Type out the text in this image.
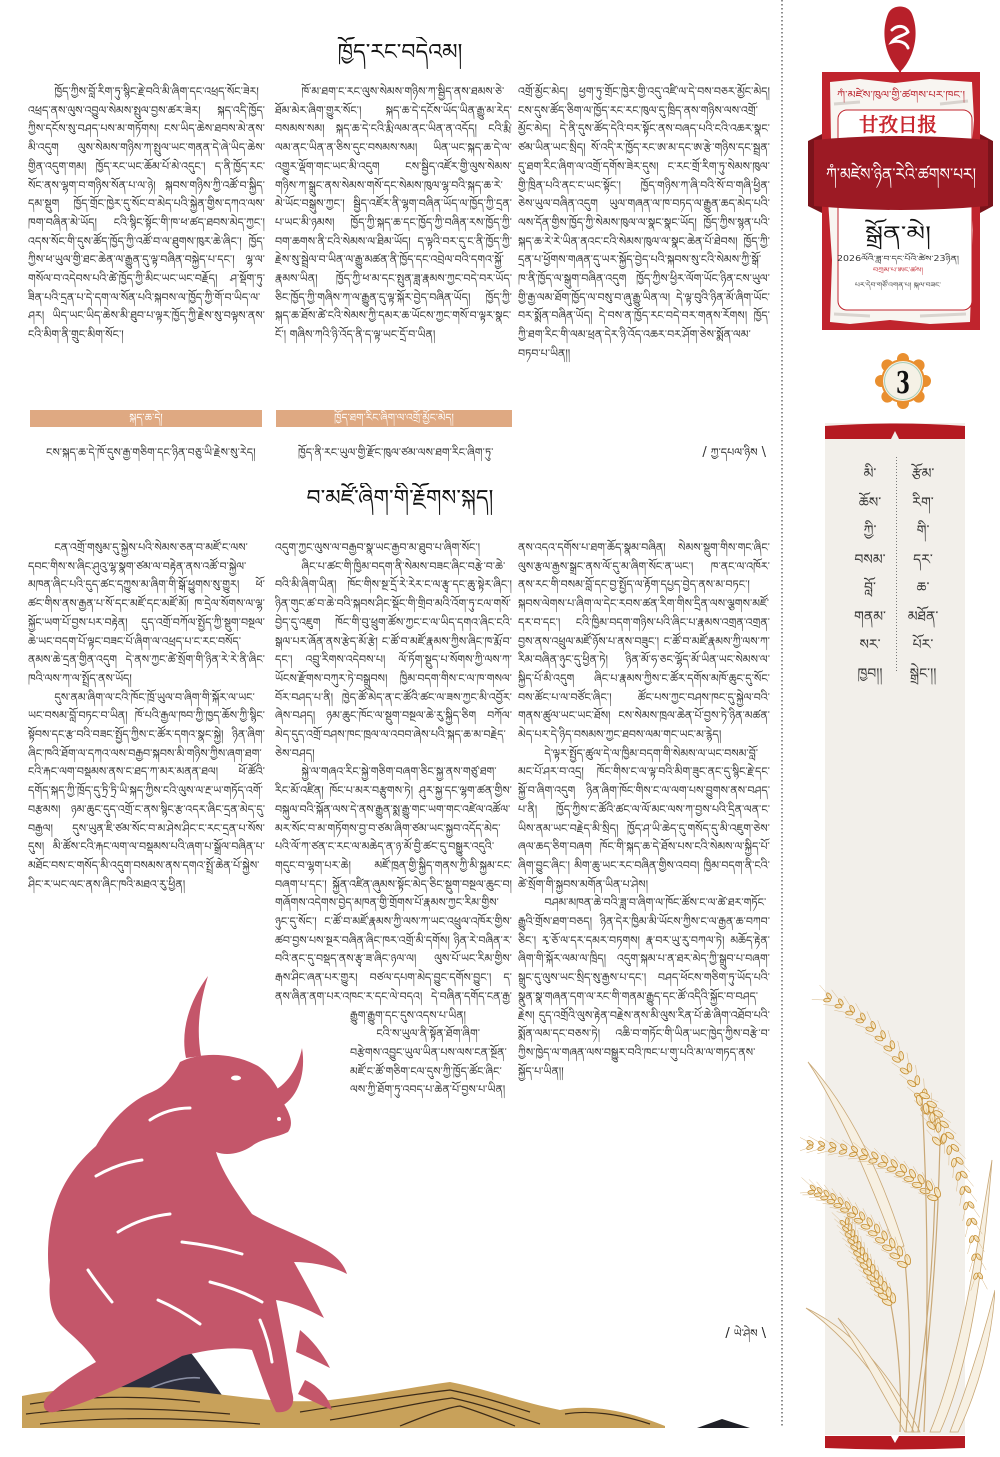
ཁྱོད་རང་བདེའམ།

ཁྱོད་ཀྱིས་བློ་རིག་ཏུ་སྙིང་རྗེ་བའི་མི་ཞིག་དང་འཕྲད་སོང་ཟེར། འཕྲད་ནས་ལུས་འབྱུལ་སེམས་སྤུལ་བྱས་ཚར་ཟེར། སྐད་འདི་ཁྱོད་ཀྱིས་དངོས་སུ་བཤད་པས་མ་གཏོགས། ངས་ཡིད་ཆེས་ཐབས་མེ་ནས་མི་འདུག ལུས་སེམས་གཉིས་ཀ་སྤུལ་ཡང་གནན་དེ་ཞེ་ཡིད་ཆེས་གྱིན་འདུག་གམ། ཁྱོད་རང་ཡང་ཆོམ་པོ་མེ་འདུང་། ད་ནི་ཁྱོད་རང་སོང་ནས་ལྷག་བ་གཉིས་སོན་པ་ལ་ཉེ། སྐབས་གཉིས་ཀྱི་འཚོ་བ་སྐྱིད་དམ་སྡུག ཁྱོད་གྲོང་ཁྱེར་དུ་སོང་བ་མེད་པའི་སྐྱེན་གྱིས་དཀའ་ལས་ཁག་བཞིན་མེ་ཡོད། ངའི་སྙིང་སྟོང་གི་ཁ་ཕ་ཚད་ཐབས་མེད་ཀྱང་། འདས་སོང་གི་དུས་ཚོད་ཁྱོད་ཀྱི་འཚོ་བ་ལ་ཐུགས་ཁུར་ཆེ་ཞིང་། ཁྱོད་ཀྱིས་ཕ་ཡུལ་གྱི་ཐང་ཆེན་ལ་རྒྱུན་དུ་ལྟ་བཞིན་བསྐྱེད་པ་དང་། ལྷ་ལ་གསོལ་བ་འདེབས་པའི་ཚེ་ཁྱོད་ཀྱི་མིང་ཡང་ཡང་བརྗོད། ཤ་སྡོག་ཏུ་ཟིན་པའི་དྲན་པ་དེ་དག་ལ་སོན་པའི་སྐབས་ལ་ཁྱོད་ཀྱི་གོ་བ་ཡིད་ལ་ཤར། ཡིད་ཡང་ཡིད་ཆེས་མི་ཐུབ་པ་ལྟར་ཁྱོད་ཀྱི་རྗེས་སུ་བལྟས་ནས་ངའི་མིག་ནི་གྲུང་མིག་སོང་།

ཁོ་མ་ཐག་ང་རང་ལུས་སེམས་གཉིས་ཀ་སྦྱིད་ནས་ཐམས་ཅེ་ཐོམ་མེར་ཞིག་གྱུར་སོང་། སྐད་ཆ་དེ་དངོས་ཡོད་ཡིན་རྒྱུ་མ་རེད་བསམས་སམ། སྐད་ཆ་དེ་ངའི་རྨི་ལམ་ནང་ཡིན་ན་འདོད། ངའི་རྨི་ལམ་ནང་ཡིན་ན་ཅིས་དུང་བསམས་སམ། ཡིན་ཡང་སྐད་ཆ་དེ་ལ་འགྱུར་ལྡོག་གང་ཡང་མི་འདུག ངས་སྦྱིད་འཛོར་གྱི་ལུས་སེམས་གཉིས་ཀ་སྒྲུང་ནས་སེམས་གསོ་དང་སེམས་ཁུལ་ལྷ་བའི་སྐད་ཆ་རེ་མེ་ཡོང་བསྒུས་ཀྱང་། སྦྱིད་འཛོར་ནི་ལྷག་བཞིན་ཡོད་ལ་ཁྱོད་ཀྱི་དྲན་པ་ཡང་མི་ཉམས། ཁྱོད་ཀྱི་སྐད་ཆ་དང་ཁྱོད་ཀྱི་བཞིན་རས་ཁྱོད་ཀྱི་བག་ཆགས་ནི་ངའི་སེམས་ལ་ཐིམ་ཡོད། ད་ལྟའི་བར་དུ་ང་ནི་ཁྱོད་ཀྱི་རྗེས་སུ་སྦྲེལ་བ་ཡིན་ལ་རྒྱུ་མཚན་ནི་ཁྱོད་དང་འབྲེལ་བའི་དགའ་སྐྱོ་རྣམས་ཡིན། ཁྱོད་ཀྱི་ཕ་མ་དང་སྤུན་ཟླ་རྣམས་ཀྱང་བདེ་བར་ཡོད་ཅིང་ཁྱོད་ཀྱི་གཞིས་ཀ་ལ་རྒྱུན་དུ་ལྟ་སྐོར་བྱེད་བཞིན་ཡོད། ཁྱོད་ཀྱི་སྐད་ཆ་ཐོས་ཚེ་ངའི་སེམས་ཀྱི་དམར་ཆ་ཡོངས་ཀྱང་གསོ་བ་ལྟར་སྣང་ངོ་། གཞིས་ཀའི་ཉི་འོད་ནི་ད་ལྟ་ཡང་དྲོ་བ་ཡིན།

འགྲོ་མྱོང་མེད། ཕྱག་ཏུ་གྲོང་ཁྱེར་གྱི་འདུ་འཛི་ལ་དེ་བས་བཅར་མྱོང་མེད། ངས་དུས་ཚོད་ཅིག་ལ་ཁྱོད་རང་རང་ཁུལ་དུ་ཁྲིད་ནས་གཉིས་ལས་འགྲོ་མྱོང་མེད། དེ་ནི་དུས་ཚོད་དེའི་བར་སྟོང་ནས་བཞད་པའི་ངའི་འཆར་སྣང་ཙམ་ཡིན་ཡང་སྲིད། སོ་འདི་ར་ཁྱོད་རང་ཨ་མ་དང་ཨ་རྩེ་གཉིས་དང་སྦྲན་དུ་ཐག་རིང་ཞིག་ལ་འགྲོ་དགོས་ཟེར་དུས། ང་རང་གྲོ་རིག་ཏུ་སེམས་ཁུལ་གྱི་ཁྲིན་པའི་ནང་ང་ཡང་སྟོང་། ཁྱོད་གཉིས་ཀ་ཞི་བའི་སོ་བ་གཞི་ཕྱིན་ཅེས་ཡུལ་བཞིན་འདུག ཡུལ་གཞན་ལ་ཁ་བཏད་ལ་རྒྱུན་ཆད་མེད་པའི་ལས་དོན་གྱིས་ཁྱོད་ཀྱི་སེམས་ཁུལ་ལ་སྣང་སྣང་ཡོད། ཁྱོད་ཀྱིས་སྙན་པའི་སྐད་ཆ་རེ་རེ་ཡིན་ནའང་ངའི་སེམས་ཁུལ་ལ་སྣང་ཆེན་པོ་ཐེབས། ཁྱོད་ཀྱི་དྲན་པ་ཕྱོགས་གཞན་དུ་ཡར་སྐྱོད་བྱེད་པའི་སྐབས་སུ་ངའི་སེམས་ཀྱི་སྒོ་ཁ་ནི་ཁྱོད་ལ་སྒུག་བཞིན་འདུག ཁྱོད་ཀྱིས་ཕྱིར་ལོག་ཡོང་ཉིན་ངས་ཡུལ་གྱི་རྒྱ་ལམ་ཐོག་ཁྱོད་ལ་བསུ་བ་ཞུ་རྒྱུ་ཡིན་ལ། དེ་ལྟ་བུའི་ཉིན་མོ་ཞིག་ཡོང་བར་སྨོན་བཞིན་ཡོད། དེ་བས་ན་ཁྱོད་རང་བདེ་བར་གནས་རོགས། ཁྱོད་ཀྱི་ཐག་རིང་གི་ལམ་ཕྲན་དེར་ཉི་འོད་འཆར་བར་ཤོག་ཅེས་སྨོན་ལམ་བཏབ་པ་ཡིན།།

སྐད་ཆ་དེ།	ཁྱོད་ཐག་རིང་ཞིག་ལ་འགྲོ་མྱོང་མེད།
ངས་སྐད་ཆ་དེ་ཁོ་དུས་རྒྱ་གཅིག་དང་ཉིན་བཅུ་ཡི་རྗེས་སུ་རེད།	ཁྱོད་ནི་རང་ཡུལ་གྱི་རྫོང་ཁུལ་ཙམ་ལས་ཐག་རིང་ཞིག་ཏུ་	/ ཀྱ་དཔལ་ཉིས \
བ་མཛོ་ཞིག་གི་རྗོགས་སྐད།

ངན་འགྲོ་གསུམ་དུ་སྐྱེས་པའི་སེམས་ཅན་བ་མཛོ་ང་ལས་དབང་གིས་ས་ཞིང་ཤུའུ་ལྷ་སྣག་ཙམ་ལ་བརྟེན་ནས་འཚོ་བ་སྐྱེལ་མཁན་ཞིང་པའི་དུད་ཚང་དཀྱུས་མ་ཞིག་གི་སྒོ་ཕྱུགས་སུ་གྱུར། ཕོ་ཚང་གིས་ནས་རྒྱན་པ་སོ་དང་མཛོ་དང་མཛོ་མོ། ཁ་དྲེལ་སོགས་ལ་ལྷ་སྐྱོང་ཡག་པོ་བྱས་པར་བརྟེན། དུད་འགྲོ་བཀོལ་སྤྱོད་ཀྱི་སྡུག་བསྔལ་ཆེ་ཡང་བདག་པོ་ལྟང་བཟང་པོ་ཞིག་ལ་འཕྲད་པ་ང་རང་བསོད་ནམས་ཆེ་དྲན་གྱིན་འདུག དེ་ནས་ཀྱང་ཚེ་སྲོག་གི་ཉིན་རེ་རེ་ནི་ཞིང་ཁའི་ལས་ཀ་ལ་སྤྲོད་ནས་ཡོད།

དུས་ནམ་ཞིག་ལ་ངའི་ཁོང་ཁྲོ་ཡུལ་བ་ཞིག་གི་སྐོར་ལ་ཡང་ཡང་བསམ་བློ་བཏང་བ་ཡིན། ཁོ་པའི་རྒྱལ་ཁབ་ཀྱི་ཁྱད་ཆོས་ཀྱི་སྙིང་སྟོབས་དང་རྩ་བའི་བཟང་སྤྱོད་ཀྱིས་ང་ཚོར་དགའ་སྣང་སྐྱེ། ཉིན་ཞིག་ཞིང་ཁའི་ཐོག་ལ་དཀའ་ལས་བརྒྱབ་སྐབས་མི་གཉིས་ཀྱིས་ཞག་ཐག་ངའི་རྐང་ལག་བསྡམས་ནས་ང་ཐད་ཀ་མར་མནན་ཐལ། ཕོ་ཚོའི་དགོད་སྐད་ཀྱི་ཁྲོད་དུ་ཏྲི་ཏྲི་ཡི་སྐད་ཀྱིས་ངའི་ལུས་ལ་རྔ་ཡ་གཏོད་འགོ་བརྩམས། ཉམ་ཆུང་དུད་འགྲོ་ང་ནས་སྙིང་རྩ་འདར་ཞིང་དྲན་མེད་དུ་བརྒྱལ། དུས་ཡུན་ཇི་ཙམ་སོང་བ་མ་ཤེས་ཤིང་ང་རང་དྲན་པ་སོས་དུས། མི་ཚོས་ངའི་རྐང་ལག་ལ་བསྡམས་པའི་ཞག་པ་སྒྲོལ་བཞིན་པ་མཐོང་བས་ང་གསོད་མི་འདུག་བསམས་ནས་དགའ་སྤྲོ་ཆེན་པོ་སྐྱེས་ཤིང་ར་ཡང་ལང་ནས་ཞིང་ཁའི་མཐའ་རུ་ཕྱིན།

འདུག་ཀྱང་ལུས་ལ་བརྒྱབ་སྣ་ཡང་རྒྱབ་མ་ཐུབ་པ་ཞིག་སོང་།

ཞིང་པ་ཚང་གི་ཁྱིམ་བདག་ནི་སེམས་བཟང་ཞིང་བརྩེ་བ་ཆེ་བའི་མི་ཞིག་ཡིན། ཁོང་གིས་སྔ་དྲོ་རེ་རེར་ང་ལ་རྩྭ་དང་ཆུ་སྟེར་ཞིང་། ཉིན་གུང་ཚ་བ་ཆེ་བའི་སྐབས་ཤིང་སྡོང་གི་གྲིབ་མའི་འོག་ཏུ་ངལ་གསོ་བྱེད་དུ་འཇུག ཁོང་གི་བུ་ཕྲུག་ཚོས་ཀྱང་ང་ལ་ཡིད་དགའ་ཞིང་ངའི་སྒལ་པར་ཞོན་ནས་རྩེད་མོ་རྩེ། ང་ཚོ་བ་མཛོ་རྣམས་ཀྱིས་ཞིང་ཁ་རྨོ་བ་དང་། འབྲུ་རིགས་འདེབས་པ། ལོ་ཏོག་སྡུད་པ་སོགས་ཀྱི་ལས་ཀ་ཡོངས་རྫོགས་བཀུར་ཏེ་བསྒྲུབས། ཁྱིམ་བདག་གིས་ང་ལ་ཁ་གསལ་བོར་བཤད་པ་ནི། ཁྱེད་ཚོ་མེད་ན་ང་ཚོའི་ཚང་ལ་ཟས་ཀྱང་མི་འབྱོར་ཞེས་བཤད། ཉམ་ཆུང་ཁོང་ལ་སྡུག་བསྔལ་ཆེ་རུ་སྐྱིད་ཅིག བཀོལ་མེད་དུད་འགྲོ་བཤས་ཁང་ཁྲལ་ལ་འབབ་ཞེས་པའི་སྐད་ཆ་མ་བརྗེད་ཅེས་བཤད།

སྐྱེ་ལ་གཞའ་རིང་སྐྱེ་གཅིག་བཞག་ཅིང་སྐྱ་ནས་གཙུ་ཐག་རིང་མོ་འཛིན། ཁོང་པ་མར་བརྩུགས་ཏེ། ཤུར་སྐྱ་དང་ལྷག་ཚན་གྱིས་བསྐུལ་བའི་སྐོན་ལས་དེ་ནས་རྒྱུན་སྨ་རྒྱུ་གང་ཡག་གང་འཛེལ་འཚོལ་མར་སོང་བ་མ་གཏོགས་བྱ་བ་ཙམ་ཞིག་ཙམ་ཡང་སྐྱབ་འདོད་མེད་པའི་ལོ་ཀ་ཙན་ང་རང་ལ་མཆེད་ན་ཉ་མོ་བྱི་ཚང་དུ་བསྒྱུར་འདུའི་གདུང་བ་ལྷག་པར་ཆེ། མཛོ་ཁྲན་གྱི་སྐྱིད་གནས་ཀྱི་མི་སྐྱམ་ངང་བཞག་པ་དང་། སྐྱོན་འཛིན་ཞུམས་སྟོང་མེད་ཅིང་སྡུག་བསྔལ་ཆུང་བ། གཞོགས་འདེགས་བྱེད་མཁན་གྱི་གྲོགས་པོ་རྣམས་ཀྱང་རིམ་གྱིས་ཉུང་དུ་སོང་། ང་ཚོ་བ་མཛོ་རྣམས་ཀྱི་ལས་ཀ་ཡང་འཕྲུལ་འཁོར་གྱིས་ཚབ་བྱས་པས་སྔར་བཞིན་ཞིང་ཁར་འགྲོ་མི་དགོས། ཉིན་རེ་བཞིན་ར་བའི་ནང་དུ་བསྡད་ནས་རྩྭ་ཟ་ཞིང་ཉལ་ལ། ལུས་པོ་ཡང་རིམ་གྱིས་རྒས་ཤིང་ཞན་པར་གྱུར། བཙལ་དཔག་མེད་བྱུང་དགོས་བྱུང་། ད་ནས་ཞིན་ནག་པར་འཁང་ར་དང་ལེ་བདའ། དེ་བཞིན་དགོད་ངན་རྒྱ་རྒྱུག་རྒྱུག་དང་དུས་འདས་པ་ཡིན།

ངའི་ས་ཡུལ་ནི་སྟོན་ཐོག་ཞིག་བརྩེགས་འབྱུང་ཡུལ་ཡིན་པས་ལས་ངན་སྔོན་མཛོ་ང་ཚོ་གཅིག་ངལ་དུས་ཀྱི་ཁྱོད་ཚོང་ཞིང་ལས་ཀྱི་ཐོག་ཏུ་འབད་པ་ཆེན་པོ་བྱས་པ་ཡིན།

/ ཡེ་ཤེས \

ནས་འདའ་དགོས་པ་ཐག་ཆོད་སྣམ་བཞིན། སེམས་སྡུག་གིས་གང་ཞིང་ལུས་རྩལ་རྒྱས་སྒྲང་ནས་ལོ་དུ་མ་ཞིག་སོང་ན་ཡང་། ཁ་ནང་ལ་འཁོར་ནས་རང་གི་བསམ་བློ་དང་བྱ་སྤྱོད་ལ་རྟོག་དཔྱད་བྱེད་ནས་མ་བཏང་། སྐབས་ལེགས་པ་ཞིག་ལ་དེང་རབས་ཚན་རིག་གིས་དྲིན་ལས་ལྕགས་མཛོ་དར་བ་དང་། ངའི་ཁྱིམ་བདག་གཉིས་པའི་ཞིང་པ་རྣམས་འགྲན་འགྲན་བྱས་ནས་འཕྲུལ་མཛོ་ཉོས་པ་ནས་བཟུང་། ང་ཚོ་བ་མཛོ་རྣམས་ཀྱི་ལས་ཀ་རིམ་བཞིན་ཉུང་དུ་ཕྱིན་ཏེ། ཉིན་མོ་ཧ་ཅང་ལྷོད་མོ་ཡིན་ཡང་སེམས་ལ་སྐྱིད་པོ་མི་འདུག ཞིང་པ་རྣམས་ཀྱིས་ང་ཚོར་དགོས་མཁོ་ཆུང་དུ་སོང་བས་ཚོང་པ་ལ་བཙོང་ཞིང་། ཚོང་པས་ཀྱང་བཤས་ཁང་དུ་སྐྱེལ་བའི་གནས་ཚུལ་ཡང་ཡང་ཐོས། ངས་སེམས་ཁྲལ་ཆེན་པོ་བྱས་ཏེ་ཉིན་མཚན་མེད་པར་དེ་ཉིད་བསམས་ཀྱང་ཐབས་ལམ་གང་ཡང་མ་རྙེད།

དེ་ལྟར་སྤྱོད་ཚུལ་དེ་ལ་ཁྱིམ་བདག་གི་སེམས་ལ་ཡང་བསམ་བློ་མང་པོ་ཤར་བ་འདྲ། ཁོང་གིས་ང་ལ་ལྟ་བའི་མིག་ཟུང་ནང་དུ་སྙིང་རྗེ་དང་སྐྱོ་བ་ཞིག་འདུག ཉིན་ཞིག་ཁོང་གིས་ང་ལ་ལག་པས་བྱུགས་ནས་བཤད་པ་ནི། ཁྱོད་ཀྱིས་ང་ཚོའི་ཚང་ལ་ལོ་མང་ལས་ཀ་བྱས་པའི་དྲིན་ལན་ང་ཡིས་ནམ་ཡང་བརྗེད་མི་སྲིད། ཁྱོད་ཤ་ཡི་ཆེད་དུ་གསོད་དུ་མི་འཇུག་ཅེས་ཞལ་ཆད་ཅིག་བཞག ཁོང་གི་སྐད་ཆ་དེ་ཐོས་པས་ངའི་སེམས་ལ་སྐྱིད་པོ་ཞིག་བྱུང་ཞིང་། མིག་ཆུ་ཡང་རང་བཞིན་གྱིས་འབབ། ཁྱིམ་བདག་ནི་ངའི་ཚེ་སྲོག་གི་སྐྱབས་མགོན་ཡིན་པ་ཤེས།

བཤམ་མཁན་ཆེ་བའི་ཟླ་བ་ཞིག་ལ་ཁོང་ཚོས་ང་ལ་ཚེ་ཐར་གཏོང་རྒྱུའི་གྲོས་ཐག་བཅད། ཉིན་དེར་ཁྱིམ་མི་ཡོངས་ཀྱིས་ང་ལ་རྒྱན་ཆ་བཀབ་ཅིང་། རྭ་ཅོ་ལ་དར་དམར་བཏགས། རྣ་བར་ཡུ་རུ་བཀལ་ཏེ། མཆོད་རྟེན་ཞིག་གི་སྐོར་ལམ་ལ་ཁྲིད། འདུག་སྐམ་པ་ན་ཐར་མེད་ཀྱི་སྒྲུབ་པ་བཞག་སྒྲུང་དུ་ལུས་ཡང་སྲིད་སུ་རྒྱས་པ་དང་། བཤད་ཕོངས་གཅིག་ཏུ་ཡོད་པའི་སྣུན་སྣ་གཞན་དག་ལ་རང་གི་གནམ་རྒྱུད་དང་ཚོ་འདིའི་སྐྱོང་བ་བཤད་རྗེས། དུད་འགྲོའི་ལུས་རྟེན་བརྗེས་ནས་མི་ལུས་རིན་པོ་ཆེ་ཞིག་འཐོབ་པའི་སྨོན་ལམ་དང་བཅས་ཏེ། འཆི་བ་གཏོང་གི་ཡིན་ཡང་ཁྱེད་ཀྱིས་བརྩེ་བ་ཀྱིས་ཁྱེད་ལ་གཞན་ལས་བསྒྱུར་བའི་ཁང་པ་གུ་པའི་མ་ལ་གཏད་ནས་སྐྱོད་པ་ཡིན།།

ཀཾ་མཛེས་ཁུལ་གྱི་ཚགས་པར་ཁང་།
甘孜日报
ཀཾ་མཛེས་ཉིན་རེའི་ཚགས་པར།
སྒྲོན་མེ།
2026ལོའི་ཟླ་བ་དང་པོའི་ཚེས་23ཉིན།
བཀྲམ་པ་ཨང་ཚས།
པར་དེབ་གཙོ་འགན་པ། སྐལ་བཟང་
3
མི་
ཆོས་
ཀྱི་
བསམ་
བློ་
གནམ་
སར་
ཁྱབ།།
རྩོམ་
རིག་
གི་
དར་
ཆ་
མཐོན་
པོར་
སྒྲེང་།།
